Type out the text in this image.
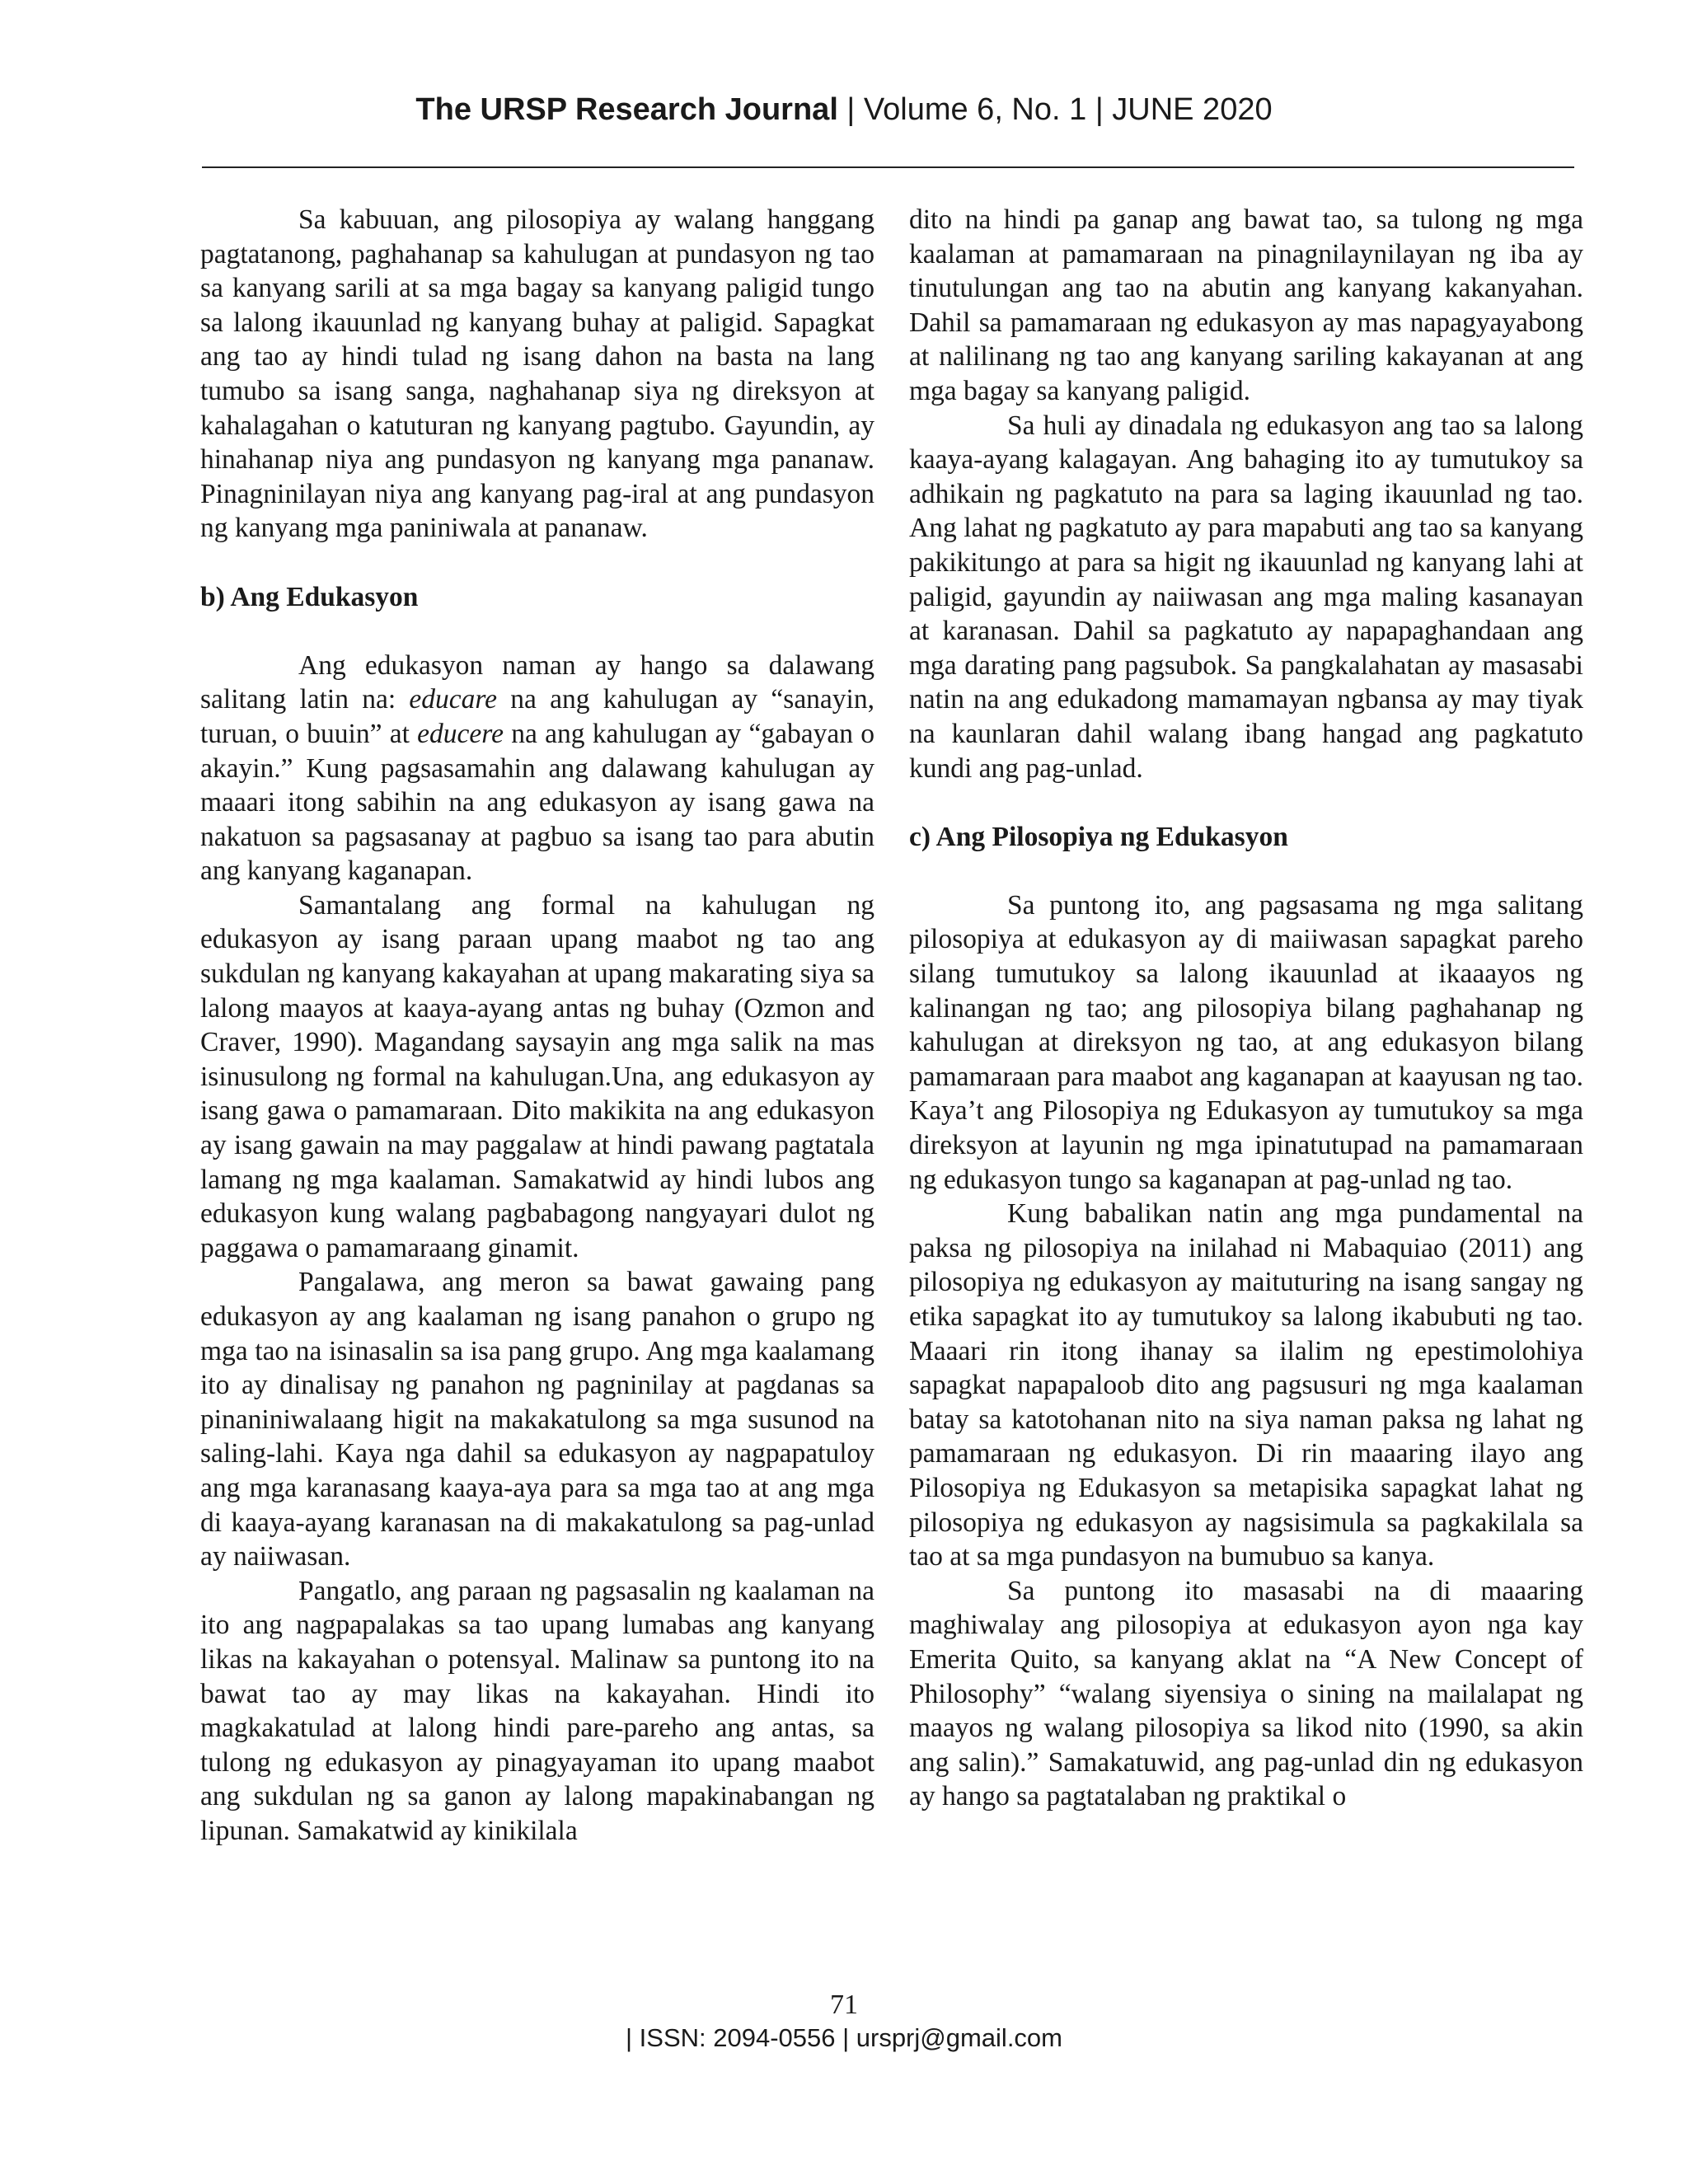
The URSP Research Journal | Volume 6, No. 1 | JUNE 2020

Sa kabuuan, ang pilosopiya ay walang hanggang pagtatanong, paghahanap sa kahulugan at pundasyon ng tao sa kanyang sarili at sa mga bagay sa kanyang paligid tungo sa lalong ikauunlad ng kanyang buhay at paligid. Sapagkat ang tao ay hindi tulad ng isang dahon na basta na lang tumubo sa isang sanga, naghahanap siya ng direksyon at kahalagahan o katuturan ng kanyang pagtubo. Gayundin, ay hinahanap niya ang pundasyon ng kanyang mga pananaw. Pinagninilayan niya ang kanyang pag-iral at ang pundasyon ng kanyang mga paniniwala at pananaw.

b) Ang Edukasyon

Ang edukasyon naman ay hango sa dalawang salitang latin na: educare na ang kahulugan ay “sanayin, turuan, o buuin” at educere na ang kahulugan ay “gabayan o akayin.” Kung pagsasamahin ang dalawang kahulugan ay maaari itong sabihin na ang edukasyon ay isang gawa na nakatuon sa pagsasanay at pagbuo sa isang tao para abutin ang kanyang kaganapan.

Samantalang ang formal na kahulugan ng edukasyon ay isang paraan upang maabot ng tao ang sukdulan ng kanyang kakayahan at upang makarating siya sa lalong maayos at kaaya-ayang antas ng buhay (Ozmon and Craver, 1990). Magandang saysayin ang mga salik na mas isinusulong ng formal na kahulugan.Una, ang edukasyon ay isang gawa o pamamaraan. Dito makikita na ang edukasyon ay isang gawain na may paggalaw at hindi pawang pagtatala lamang ng mga kaalaman. Samakatwid ay hindi lubos ang edukasyon kung walang pagbabagong nangyayari dulot ng paggawa o pamamaraang ginamit.

Pangalawa, ang meron sa bawat gawaing pang edukasyon ay ang kaalaman ng isang panahon o grupo ng mga tao na isinasalin sa isa pang grupo. Ang mga kaalamang ito ay dinalisay ng panahon ng pagninilay at pagdanas sa pinaniniwalaang higit na makakatulong sa mga susunod na saling-lahi. Kaya nga dahil sa edukasyon ay nagpapatuloy ang mga karanasang kaaya-aya para sa mga tao at ang mga di kaaya-ayang karanasan na di makakatulong sa pag-unlad ay naiiwasan.

Pangatlo, ang paraan ng pagsasalin ng kaalaman na ito ang nagpapalakas sa tao upang lumabas ang kanyang likas na kakayahan o potensyal. Malinaw sa puntong ito na bawat tao ay may likas na kakayahan. Hindi ito magkakatulad at lalong hindi pare-pareho ang antas, sa tulong ng edukasyon ay pinagyayaman ito upang maabot ang sukdulan ng sa ganon ay lalong mapakinabangan ng lipunan. Samakatwid ay kinikilala

dito na hindi pa ganap ang bawat tao, sa tulong ng mga kaalaman at pamamaraan na pinagnilaynilayan ng iba ay tinutulungan ang tao na abutin ang kanyang kakanyahan. Dahil sa pamamaraan ng edukasyon ay mas napagyayabong at nalilinang ng tao ang kanyang sariling kakayanan at ang mga bagay sa kanyang paligid.

Sa huli ay dinadala ng edukasyon ang tao sa lalong kaaya-ayang kalagayan. Ang bahaging ito ay tumutukoy sa adhikain ng pagkatuto na para sa laging ikauunlad ng tao. Ang lahat ng pagkatuto ay para mapabuti ang tao sa kanyang pakikitungo at para sa higit ng ikauunlad ng kanyang lahi at paligid, gayundin ay naiiwasan ang mga maling kasanayan at karanasan. Dahil sa pagkatuto ay napapaghandaan ang mga darating pang pagsubok. Sa pangkalahatan ay masasabi natin na ang edukadong mamamayan ngbansa ay may tiyak na kaunlaran dahil walang ibang hangad ang pagkatuto kundi ang pag-unlad.

c) Ang Pilosopiya ng Edukasyon

Sa puntong ito, ang pagsasama ng mga salitang pilosopiya at edukasyon ay di maiiwasan sapagkat pareho silang tumutukoy sa lalong ikauunlad at ikaaayos ng kalinangan ng tao; ang pilosopiya bilang paghahanap ng kahulugan at direksyon ng tao, at ang edukasyon bilang pamamaraan para maabot ang kaganapan at kaayusan ng tao. Kaya’t ang Pilosopiya ng Edukasyon ay tumutukoy sa mga direksyon at layunin ng mga ipinatutupad na pamamaraan ng edukasyon tungo sa kaganapan at pag-unlad ng tao.

Kung babalikan natin ang mga pundamental na paksa ng pilosopiya na inilahad ni Mabaquiao (2011) ang pilosopiya ng edukasyon ay maituturing na isang sangay ng etika sapagkat ito ay tumutukoy sa lalong ikabubuti ng tao. Maaari rin itong ihanay sa ilalim ng epestimolohiya sapagkat napapaloob dito ang pagsusuri ng mga kaalaman batay sa katotohanan nito na siya naman paksa ng lahat ng pamamaraan ng edukasyon. Di rin maaaring ilayo ang Pilosopiya ng Edukasyon sa metapisika sapagkat lahat ng pilosopiya ng edukasyon ay nagsisimula sa pagkakilala sa tao at sa mga pundasyon na bumubuo sa kanya.

Sa puntong ito masasabi na di maaaring maghiwalay ang pilosopiya at edukasyon ayon nga kay Emerita Quito, sa kanyang aklat na “A New Concept of Philosophy” “walang siyensiya o sining na mailalapat ng maayos ng walang pilosopiya sa likod nito (1990, sa akin ang salin).” Samakatuwid, ang pag-unlad din ng edukasyon ay hango sa pagtatalaban ng praktikal o

71
| ISSN: 2094-0556 | ursprj@gmail.com
